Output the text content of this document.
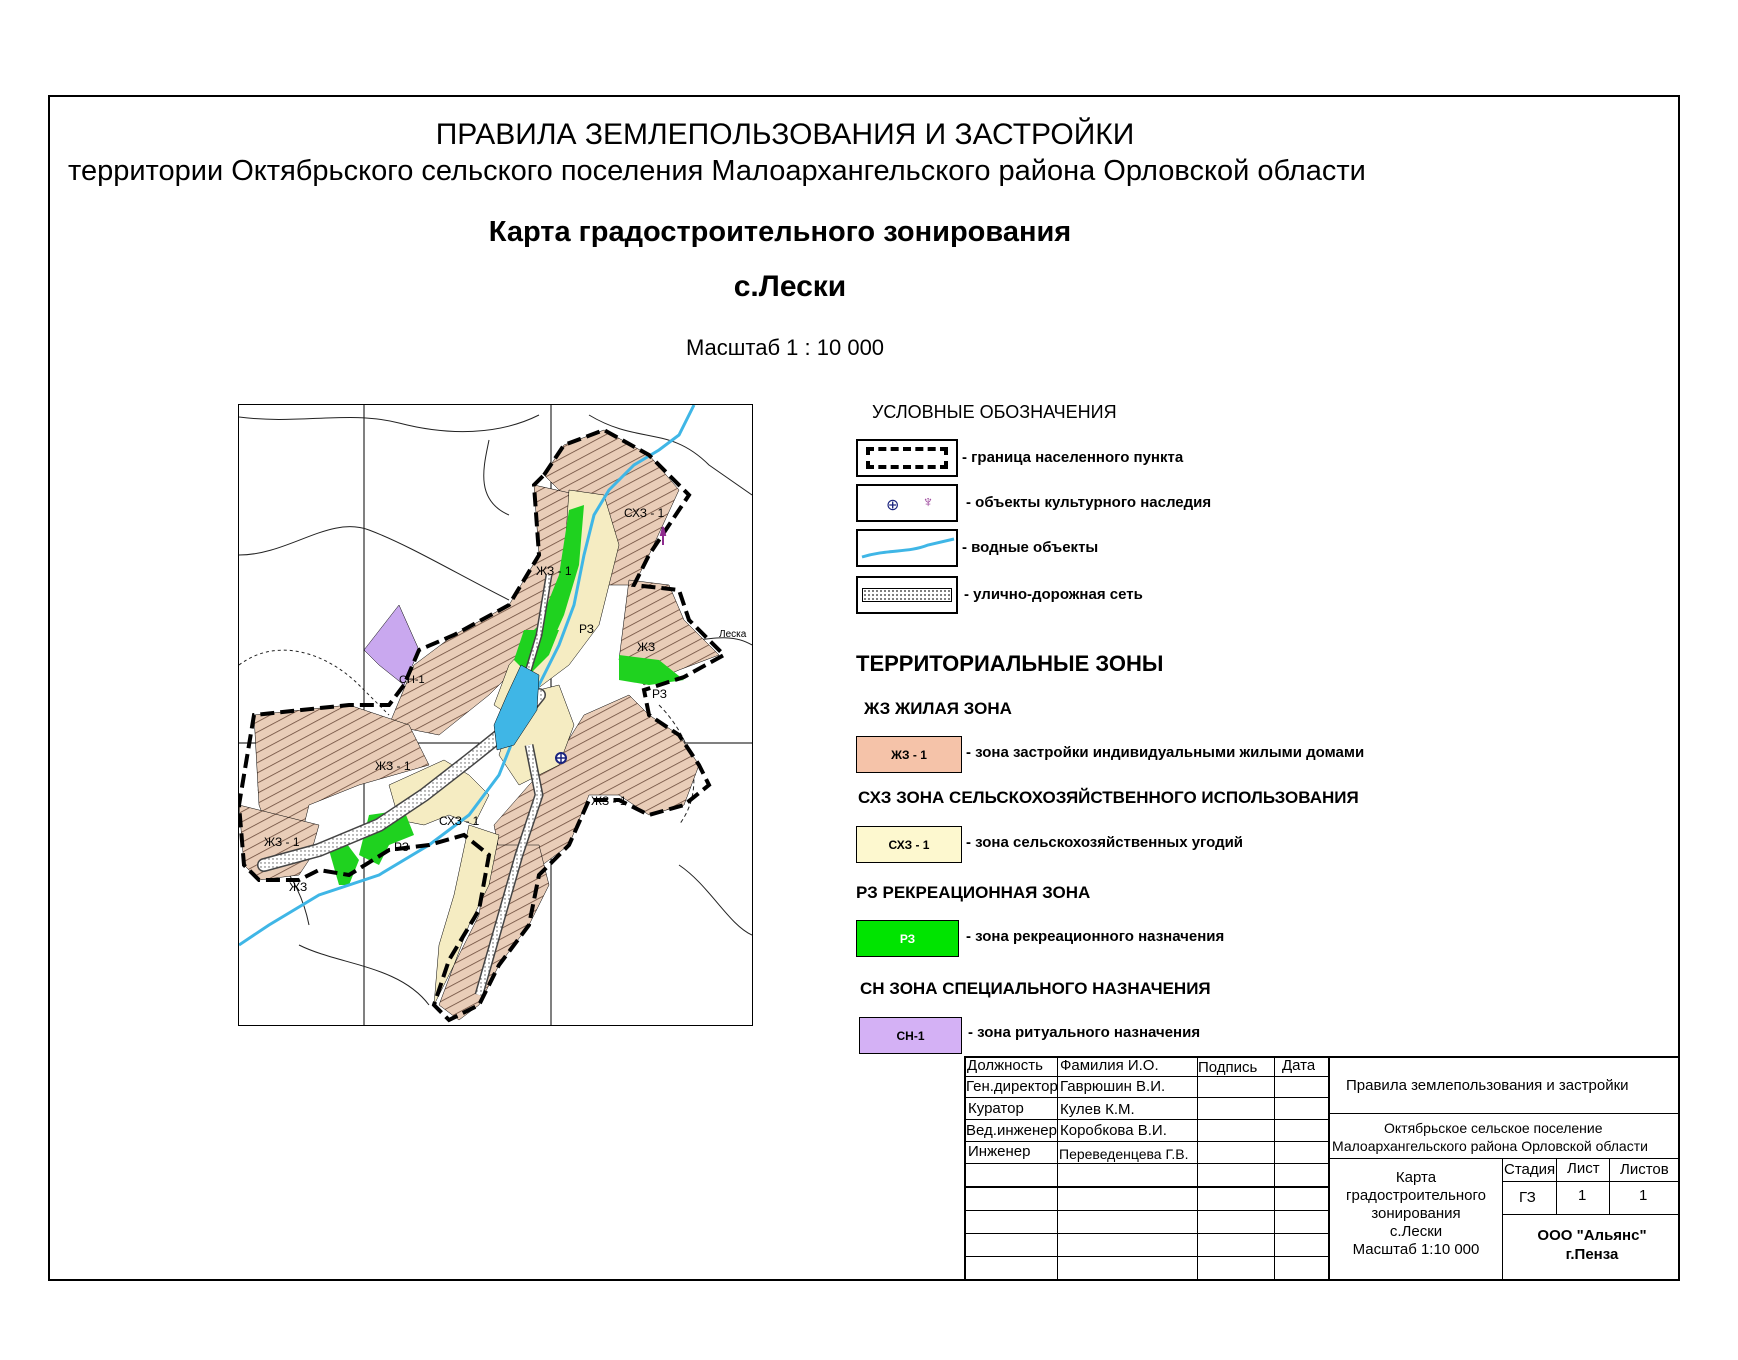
ПРАВИЛА ЗЕМЛЕПОЛЬЗОВАНИЯ И ЗАСТРОЙКИ
территории Октябрьского сельского поселения Малоархангельского района Орловской области
Карта градостроительного зонирования
с.Лески
Масштаб 1 : 10 000
СХЗ - 1
ЖЗ - 1
РЗ
ЖЗ
РЗ
Леска
СН-1
ЖЗ - 1
ЖЗ - 1
СХЗ - 1
ЖЗ - 1	РЗ
ЖЗ
УСЛОВНЫЕ ОБОЗНАЧЕНИЯ
- граница населенного пункта
⊕ ♆ - объекты культурного наследия
- водные объекты
- улично-дорожная сеть
ТЕРРИТОРИАЛЬНЫЕ ЗОНЫ
ЖЗ ЖИЛАЯ ЗОНА
ЖЗ - 1	- зона застройки индивидуальными жилыми домами
СХЗ ЗОНА СЕЛЬСКОХОЗЯЙСТВЕННОГО ИСПОЛЬЗОВАНИЯ
СХЗ - 1	- зона сельскохозяйственных угодий
РЗ РЕКРЕАЦИОННАЯ ЗОНА
РЗ	- зона рекреационного назначения
СН ЗОНА СПЕЦИАЛЬНОГО НАЗНАЧЕНИЯ
СН-1	- зона ритуального назначения
Должность Фамилия И.О.	Подпись Дата
Ген.директор Гаврюшин В.И.
Куратор Кулев К.М.
Вед.инженер Коробкова В.И.
Инженер Переведенцева Г.В.
Правила землепользования и застройки
Октябрьское сельское поселение
Малоархангельского района Орловской области
Карта
градостроительного
зонирования
с.Лески
Масштаб 1:10 000
Стадия Лист Листов
ГЗ	1	1
ООО "Альянс"
г.Пенза
